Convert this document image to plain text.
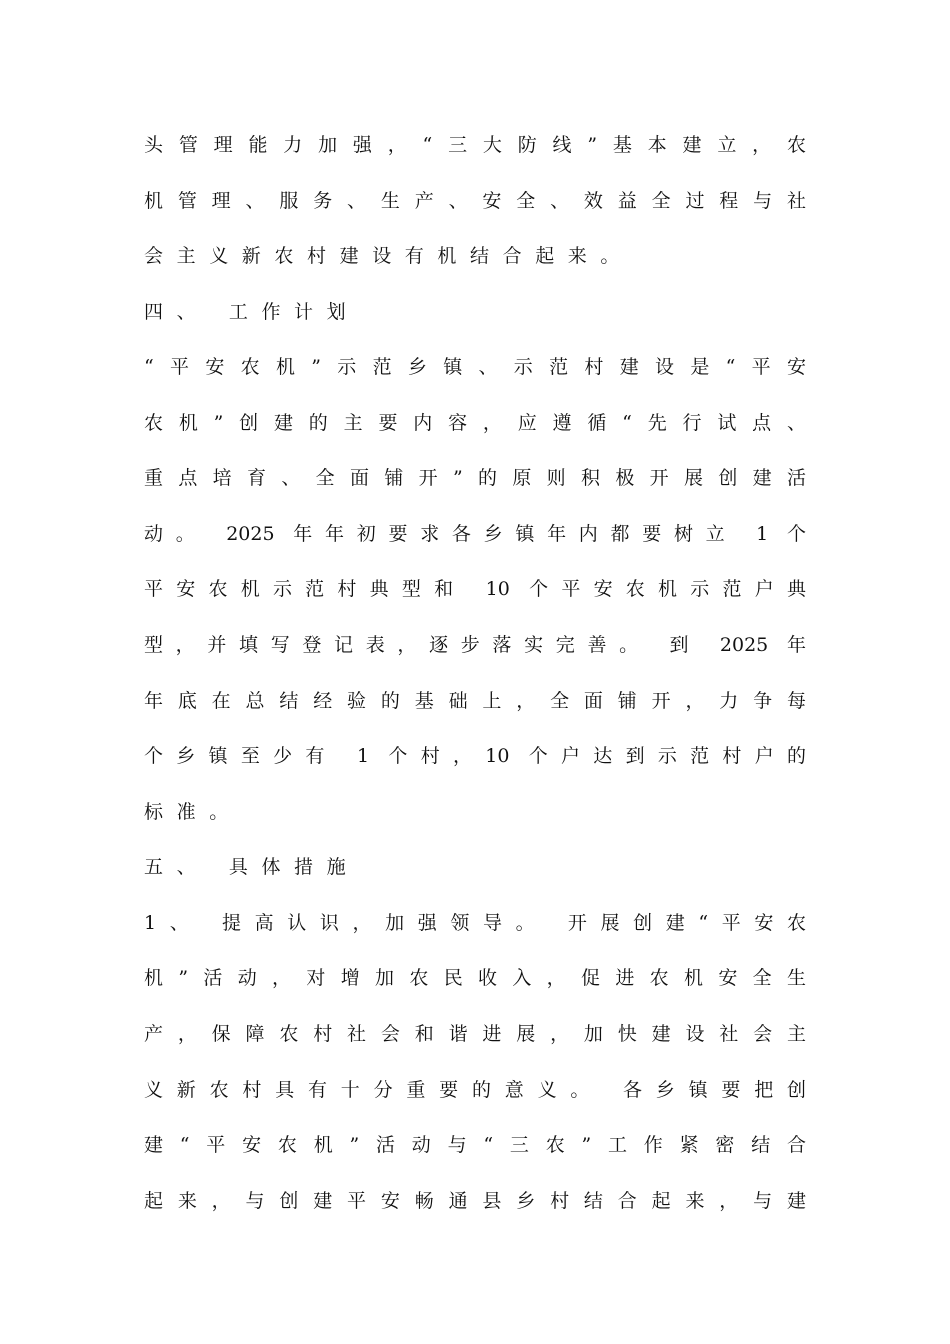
头管理能力加强，“三大防线”基本建立，农
机管理、服务、生产、安全、效益全过程与社
会主义新农村建设有机结合起来。
四、 工作计划
“平安农机”示范乡镇、示范村建设是“平安
农机”创建的主要内容，应遵循“先行试点、
重点培育、全面铺开”的原则积极开展创建活
动。 2025 年年初要求各乡镇年内都要树立 1 个
平安农机示范村典型和 10 个平安农机示范户典
型，并填写登记表，逐步落实完善。 到 2025 年
年底在总结经验的基础上，全面铺开，力争每
个乡镇至少有 1 个村，10 个户达到示范村户的
标准。
五、 具体措施
1、 提高认识，加强领导。 开展创建“平安农
机”活动，对增加农民收入，促进农机安全生
产，保障农村社会和谐进展，加快建设社会主
义新农村具有十分重要的意义。 各乡镇要把创
建“平安农机”活动与“三农”工作紧密结合
起来，与创建平安畅通县乡村结合起来，与建
